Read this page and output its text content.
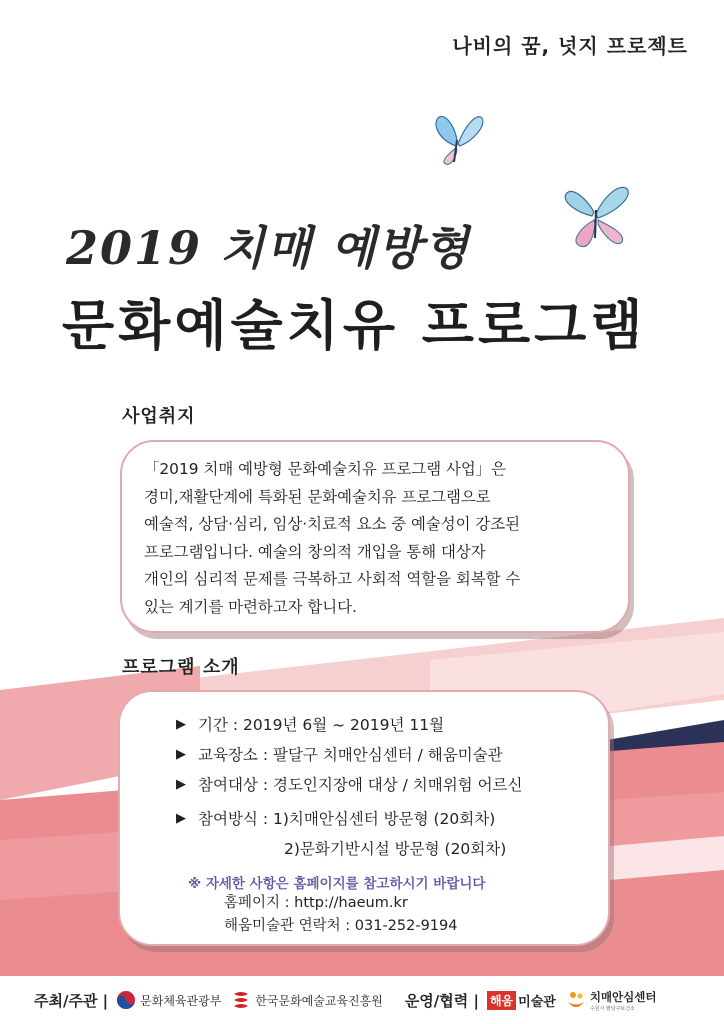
나비의 꿈, 넛지 프로젝트
2019 치매 예방형
문화예술치유 프로그램
사업취지
「2019 치매 예방형 문화예술치유 프로그램 사업」은
경미,재활단계에 특화된 문화예술치유 프로그램으로
예술적, 상담·심리, 임상·치료적 요소 중 예술성이 강조된
프로그램입니다. 예술의 창의적 개입을 통해 대상자
개인의 심리적 문제를 극복하고 사회적 역할을 회복할 수
있는 계기를 마련하고자 합니다.
프로그램 소개
▶ 기간 : 2019년 6월 ~ 2019년 11월
▶ 교육장소 : 팔달구 치매안심센터 / 해움미술관
▶ 참여대상 : 경도인지장애 대상 / 치매위험 어르신
▶ 참여방식 : 1)치매안심센터 방문형 (20회차)
2)문화기반시설 방문형 (20회차)
※ 자세한 사항은 홈페이지를 참고하시기 바랍니다
홈페이지 : http://haeum.kr
해움미술관 연락처 : 031-252-9194
주최/주관 |	문화체육관광부	한국문화예술교육진흥원 운영/협력 | 해움 미술관	치매안심센터
수원시 팔달구보건소
